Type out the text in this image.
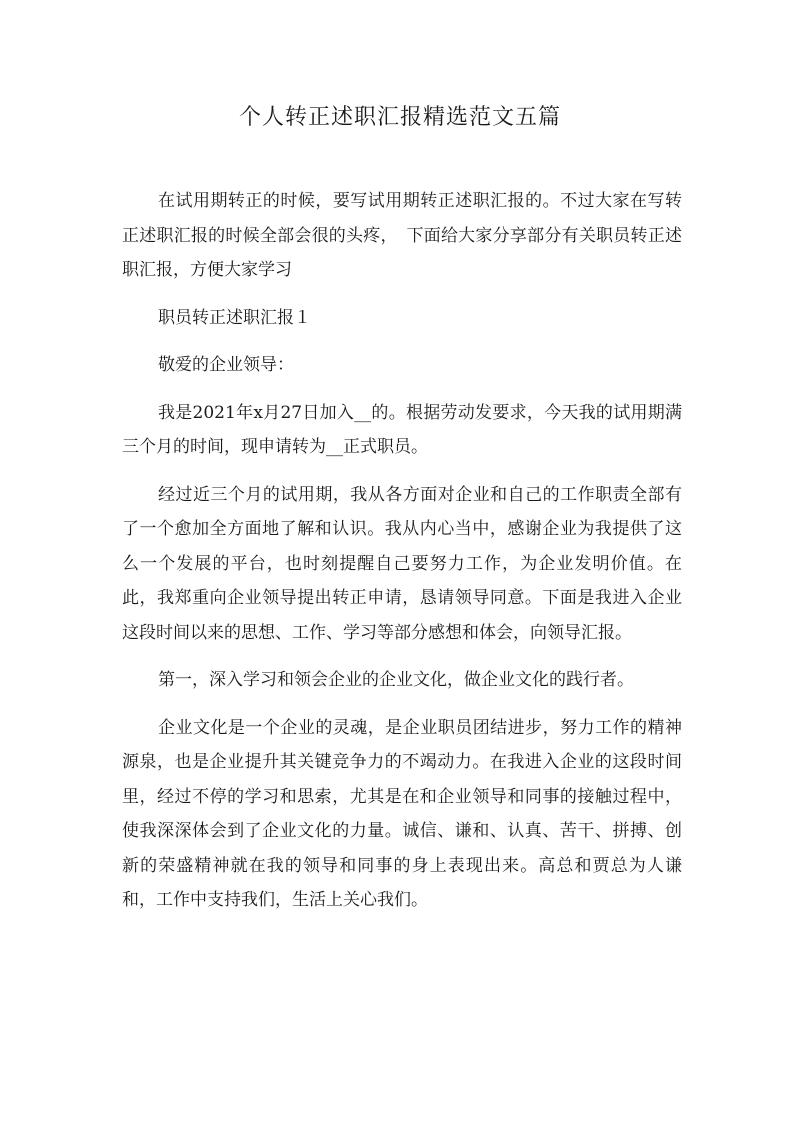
个人转正述职汇报精选范文五篇

在试用期转正的时候，要写试用期转正述职汇报的。不过大家在写转正述职汇报的时候全部会很的头疼，　下面给大家分享部分有关职员转正述职汇报，方便大家学习

职员转正述职汇报１

敬爱的企业领导：

我是2021年x月27日加入__的。根据劳动发要求，今天我的试用期满三个月的时间，现申请转为__正式职员。

经过近三个月的试用期，我从各方面对企业和自己的工作职责全部有了一个愈加全方面地了解和认识。我从内心当中，感谢企业为我提供了这么一个发展的平台，也时刻提醒自己要努力工作，为企业发明价值。在此，我郑重向企业领导提出转正申请，恳请领导同意。下面是我进入企业这段时间以来的思想、工作、学习等部分感想和体会，向领导汇报。

第一，深入学习和领会企业的企业文化，做企业文化的践行者。

企业文化是一个企业的灵魂，是企业职员团结进步，努力工作的精神源泉，也是企业提升其关键竞争力的不竭动力。在我进入企业的这段时间里，经过不停的学习和思索，尤其是在和企业领导和同事的接触过程中，使我深深体会到了企业文化的力量。诚信、谦和、认真、苦干、拼搏、创新的荣盛精神就在我的领导和同事的身上表现出来。高总和贾总为人谦和，工作中支持我们，生活上关心我们。
